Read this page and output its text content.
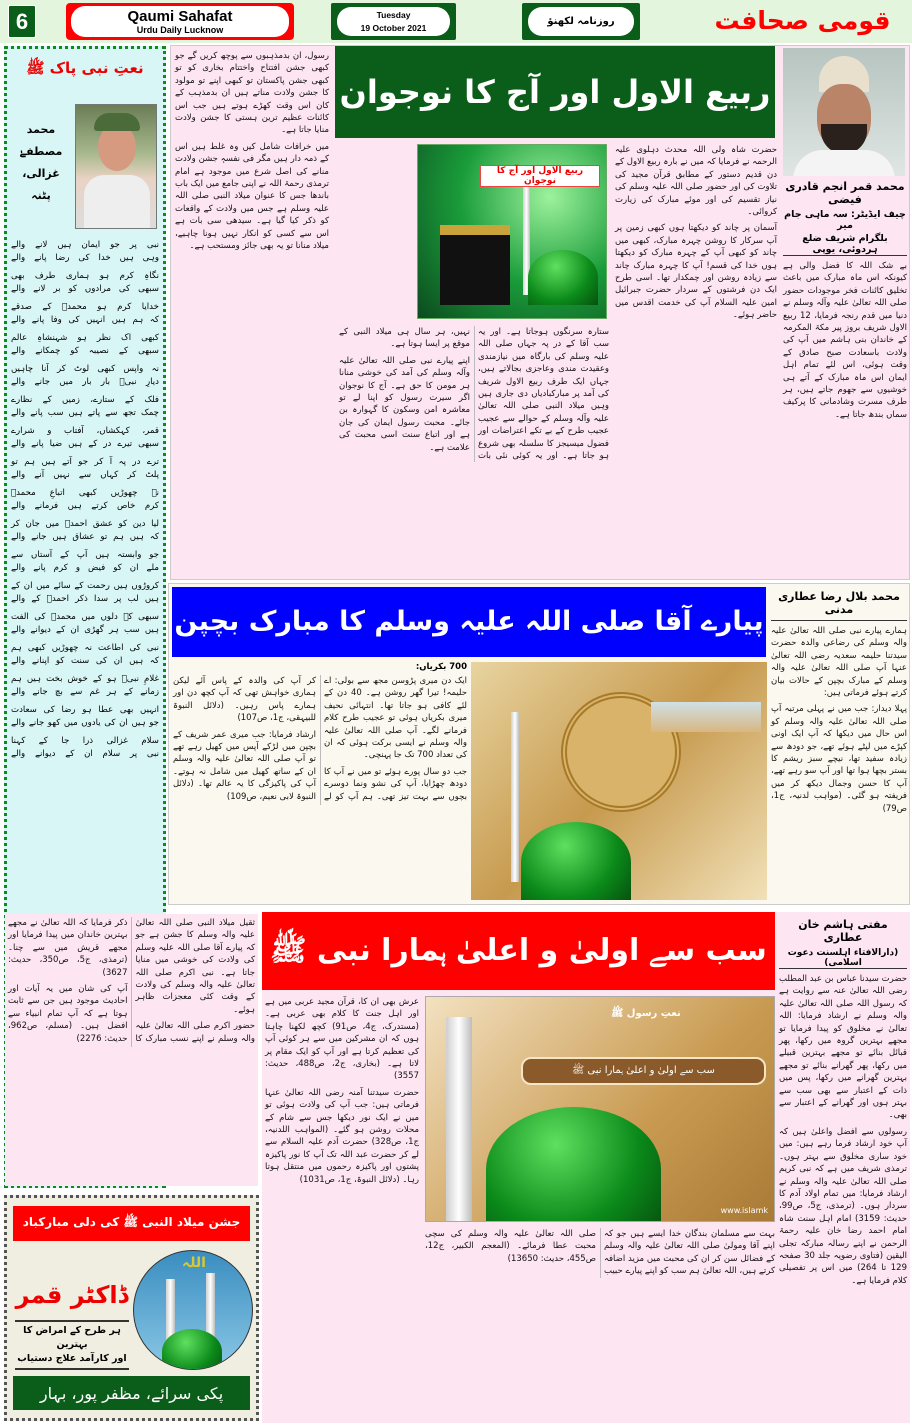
6	Qaumi Sahafat
Urdu Daily Lucknow
Tuesday
19 October 2021
روزنامہ لکھنؤ	قومی صحافت
نعتِ نبی پاک ﷺ
محمد مصطفےٰ
غزالی، پٹنہ
نبی پر جو ایمان ہیں لانے والے
وہی ہیں خدا کی رضا پانے والے
نگاہِ کرم ہو ہماری طرف بھی
سبھی کی مرادوں کو بر لانے والے
خدایا کرم ہو محمدؐ کے صدقے
کہ ہم ہیں انہیں کی وفا پانے والے
کبھی اک نظر ہو شہنشاہِ عالم
سبھی کے نصیبہ کو چمکانے والے
نہ واپس کبھی لوٹ کر آنا چاہیں
دیارِ نبیؐ بار بار میں جانے والے
فلک کے ستارے، زمیں کے نظارے
چمک تجھ سے پاتے ہیں سب پانے والے
قمر، کہکشاں، آفتاب و شرارے
سبھی تیرے در کے ہیں ضیا پانے والے
ترے در پہ آ کر جو آتے ہیں ہم تو
پلٹ کر کہاں سے نہیں آنے والے
نہ چھوڑیں کبھی اتباعِ محمدؐ
کرم خاص کرتے ہیں فرمانے والے
لیا دین کو عشق احمدؐ میں جان کر
کہ ہیں ہم تو عشاق ہیں جانے والے
جو وابستہ ہیں آپ کے آستاں سے
ملے ان کو فیض و کرم پانے والے
کروڑوں ہیں رحمت کے سائے میں ان کے
ہیں لب پر سدا ذکر احمدؐ کے والے
سبھی کے دلوں میں محمدؐ کی الفت
ہیں سب ہر گھڑی ان کے دیوانے والے
نبی کی اطاعت نہ چھوڑیں کبھی ہم
کہ ہیں ان کی سنت کو اپنانے والے
غلامِ نبیؐ ہو کے خوش بخت ہیں ہم
زمانے کے ہر غم سے بچ جانے والے
انہیں بھی عطا ہو رضا کی سعادت
جو ہیں ان کی یادوں میں کھو جانے والے
سلام غزالی ذرا جا کے کہنا
نبی پر سلام ان کے دیوانے والے
جشن میلاد النبی ﷺ کی دلی مبارکباد
اللہ
ڈاکٹر قمر
ہر طرح کے امراض کا بہترین
اور کارآمد علاج دستیاب
پکی سرائے، مظفر پور، بہار
ربیع الاول اور آج کا نوجوان

رسول، ان بدمذہبوں سے پوچھ کریں گے جو کبھی جشن افتتاح واختتام بخاری کو تو کبھی جشن پاکستان تو کبھی اپنے تو مولود کا جشن ولادت مناتے ہیں ان بدمذہب کے کان اس وقت کھڑے ہوتے ہیں جب اس کائنات عظیم ترین ہستی کا جشن ولادت منایا جاتا ہے۔

میں خرافات شامل کیں وہ غلط ہیں اس کے ذمہ دار ہیں مگر فی نفسہٖ جشن ولادت منانے کی اصل شرع میں موجود ہے امام ترمذی رحمۃ اللہ نے اپنی جامع میں ایک باب باندھا جس کا عنوان میلاد النبی صلی اللہ علیہ وسلم ہے جس میں ولادت کے واقعات کو ذکر کیا گیا ہے۔ سیدھی سی بات ہے اس سے کسی کو انکار نہیں ہونا چاہیے، میلاد منانا تو یہ بھی جائز ومستحب ہے۔

ربیع الاول اور آج کا نوجوان

ستارہ سرنگوں ہوجاتا ہے۔ اور یہ سب آقا کے در پہ جہاں صلی اللہ علیہ وسلم کی بارگاہ میں نیازمندی وعقیدت مندی وعاجزی بجالاتے ہیں، جہاں ایک طرف ربیع الاول شریف کی آمد پر مبارکبادیاں دی جاری ہیں وہیں میلاد النبی صلی اللہ تعالیٰ علیہ وآلہ وسلم کے حوالے سے عجیب عجیب طرح کے بے تکے اعتراضات اور فضول میسیجز کا سلسلہ بھی شروع ہو جاتا ہے۔ اور یہ کوئی نئی بات نہیں، ہر سال ہی میلاد النبی کے موقع پر ایسا ہوتا ہے۔

اپنے پیارے نبی صلی اللہ تعالیٰ علیہ وآلہ وسلم کی آمد کی خوشی منانا ہر مومن کا حق ہے۔ آج کا نوجوان اگر سیرت رسول کو اپنا لے تو معاشرہ امن وسکون کا گہوارہ بن جائے۔ محبت رسول ایمان کی جان ہے اور اتباع سنت اسی محبت کی علامت ہے۔

حضرت شاہ ولی اللہ محدث دہلوی علیہ الرحمہ نے فرمایا کہ میں نے بارہ ربیع الاول کے دن قدیم دستور کے مطابق قرآن مجید کی تلاوت کی اور حضور صلی اللہ علیہ وسلم کی نیاز تقسیم کی اور موئے مبارک کی زیارت کروائی۔

آسمان پر چاند کو دیکھتا ہوں کبھی زمین پر آپ سرکار کا روشن چہرہ مبارک، کبھی میں چاند کو کبھی آپ کے چہرہ مبارک کو دیکھتا ہوں خدا کی قسم! آپ کا چہرہ مبارک چاند سے زیادہ روشن اور چمکدار تھا۔ اسی طرح ایک دن فرشتوں کے سردار حضرت جبرائیل امین علیہ السلام آپ کی خدمت اقدس میں حاضر ہوئے۔

محمد قمر انجم قادری فیضی
چیف ایڈیٹر: سہ ماہی جام میر
بلگرام شریف ضلع ہردوئی، یوپی

بے شک اللہ کا فضل والی ہے کیونکہ اس ماہ مبارک میں باعث تخلیق کائنات فخر موجودات حضور صلی اللہ تعالیٰ علیہ وآلہ وسلم نے دنیا میں قدم رنجہ فرمایا، 12 ربیع الاول شریف بروز پیر مکۃ المکرمہ کے خاندان بنی ہاشم میں آپ کی ولادت باسعادت صبح صادق کے وقت ہوئی، اس لئے تمام اہل ایمان اس ماہ مبارک کے آتے ہی خوشیوں سے جھوم جاتے ہیں، ہر طرف مسرت وشادمانی کا پرکیف سماں بندھ جاتا ہے۔

پیارے آقا صلی اللہ علیہ وسلم کا مبارک بچپن
محمد بلال رضا عطاری مدنی

ہمارے پیارے نبی صلی اللہ تعالیٰ علیہ والہ وسلم کی رضاعی والدہ حضرت سیدتنا حلیمہ سعدیہ رضی اللہ تعالیٰ عنہا آپ صلی اللہ تعالیٰ علیہ والہ وسلم کے مبارک بچپن کے حالات بیان کرتے ہوئے فرماتی ہیں:

پہلا دیدار: جب میں نے پہلی مرتبہ آپ صلی اللہ تعالیٰ علیہ والہ وسلم کو اس حال میں دیکھا کہ آپ ایک اونی کپڑے میں لپٹے ہوئے تھے، جو دودھ سے زیادہ سفید تھا، نیچے سبز ریشم کا بستر بچھا ہوا تھا اور آپ سو رہے تھے، آپ کا حسن وجمال دیکھ کر میں فریفتہ ہو گئی۔ (مواہب لدنیہ، ج1، ص79)

700 بکریاں:

ایک دن میری پڑوسن مجھ سے بولی: اے حلیمہ! تیرا گھر روشن ہے۔ 40 دن کے لئے کافی ہو جاتا تھا۔ انتہائی نحیف میری بکریاں ہوئی تو عجیب طرح کلام فرمانے لگے۔ آپ صلی اللہ تعالیٰ علیہ والہ وسلم نے ایسی برکت ہوئی کہ ان کی تعداد 700 تک جا پہنچی۔

جب دو سال پورے ہوئے تو میں نے آپ کا دودھ چھڑایا، آپ کی نشو ونما دوسرے بچوں سے بہت تیز تھی۔ ہم آپ کو لے کر آپ کی والدہ کے پاس آئے لیکن ہماری خواہش تھی کہ آپ کچھ دن اور ہمارے پاس رہیں۔ (دلائل النبوۃ للبیہقی، ج1، ص107)

ارشاد فرمایا: جب میری عمر شریف کے بچپن میں لڑکے آپس میں کھیل رہے تھے تو آپ صلی اللہ تعالیٰ علیہ والہ وسلم ان کے ساتھ کھیل میں شامل نہ ہوتے۔ آپ کی پاکیزگی کا یہ عالم تھا۔ (دلائل النبوۃ لابی نعیم، ص109)

ثقیل میلاد النبی صلی اللہ تعالیٰ علیہ والہ وسلم کا جشن ہے جو کہ پیارے آقا صلی اللہ علیہ وسلم کی ولادت کی خوشی میں منایا جاتا ہے۔ نبی اکرم صلی اللہ تعالیٰ علیہ والہ وسلم کی ولادت کے وقت کئی معجزات ظاہر ہوئے۔

حضور اکرم صلی اللہ تعالیٰ علیہ والہ وسلم نے اپنے نسب مبارک کا ذکر فرمایا کہ اللہ تعالیٰ نے مجھے بہترین خاندان میں پیدا فرمایا اور مجھے قریش میں سے چنا۔ (ترمذی، ج5، ص350، حدیث: 3627)

آپ کی شان میں یہ آیات اور احادیث موجود ہیں جن سے ثابت ہوتا ہے کہ آپ تمام انبیاء سے افضل ہیں۔ (مسلم، ص962، حدیث: 2276)

سب سے اولیٰ و اعلیٰ ہمارا نبی ﷺ
مفتی ہاشم خان عطاری
(دارالافتاء اہلسنت دعوت اسلامی)

حضرت سیدنا عباس بن عبد المطلب رضی اللہ تعالیٰ عنہ سے روایت ہے کہ رسول اللہ صلی اللہ تعالیٰ علیہ والہ وسلم نے ارشاد فرمایا: اللہ تعالیٰ نے مخلوق کو پیدا فرمایا تو مجھے بہترین گروہ میں رکھا، پھر قبائل بنائے تو مجھے بہترین قبیلے میں رکھا، پھر گھرانے بنائے تو مجھے بہترین گھرانے میں رکھا، پس میں ذات کے اعتبار سے بھی سب سے بہتر ہوں اور گھرانے کے اعتبار سے بھی۔

رسولوں سے افضل واعلیٰ ہیں کہ آپ خود ارشاد فرما رہے ہیں: میں خود ساری مخلوق سے بہتر ہوں۔ ترمذی شریف میں ہے کہ نبی کریم صلی اللہ تعالیٰ علیہ والہ وسلم نے ارشاد فرمایا: میں تمام اولاد آدم کا سردار ہوں۔ (ترمذی، ج5، ص99، حدیث: 3159) امام اہل سنت شاہ امام احمد رضا خان علیہ رحمۃ الرحمن نے اپنے رسالہ مبارکہ تجلی الیقین (فتاوی رضویہ جلد 30 صفحہ 129 تا 264) میں اس پر تفصیلی کلام فرمایا ہے۔

عرش بھی ان کا، قرآن مجید عربی میں ہے اور اہل جنت کا کلام بھی عربی ہے۔ (مستدرک، ج4، ص91) کچھ لکھنا چاہتا ہوں کہ ان مشرکین میں سے ہر کوئی آپ کی تعظیم کرتا ہے اور آپ کو ایک مقام پر لاتا ہے۔ (بخاری، ج2، ص488، حدیث: 3557)

حضرت سیدتنا آمنہ رضی اللہ تعالیٰ عنہا فرماتی ہیں: جب آپ کی ولادت ہوئی تو میں نے ایک نور دیکھا جس سے شام کے محلات روشن ہو گئے۔ (المواہب اللدنیہ، ج1، ص328) حضرت آدم علیہ السلام سے لے کر حضرت عبد اللہ تک آپ کا نور پاکیزہ پشتوں اور پاکیزہ رحموں میں منتقل ہوتا رہا۔ (دلائل النبوۃ، ج1، ص1031)

نعتِ رسول ﷺ
سب سے اولیٰ و اعلیٰ ہمارا نبی ﷺ
www.islamk

بہت سے مسلمان بندگان خدا ایسے ہیں جو کہ اپنے آقا ومولیٰ صلی اللہ تعالیٰ علیہ والہ وسلم کے فضائل سن کر ان کی محبت میں مزید اضافہ کرتے ہیں، اللہ تعالیٰ ہم سب کو اپنے پیارے حبیب صلی اللہ تعالیٰ علیہ والہ وسلم کی سچی محبت عطا فرمائے۔ (المعجم الکبیر، ج12، ص455، حدیث: 13650)
